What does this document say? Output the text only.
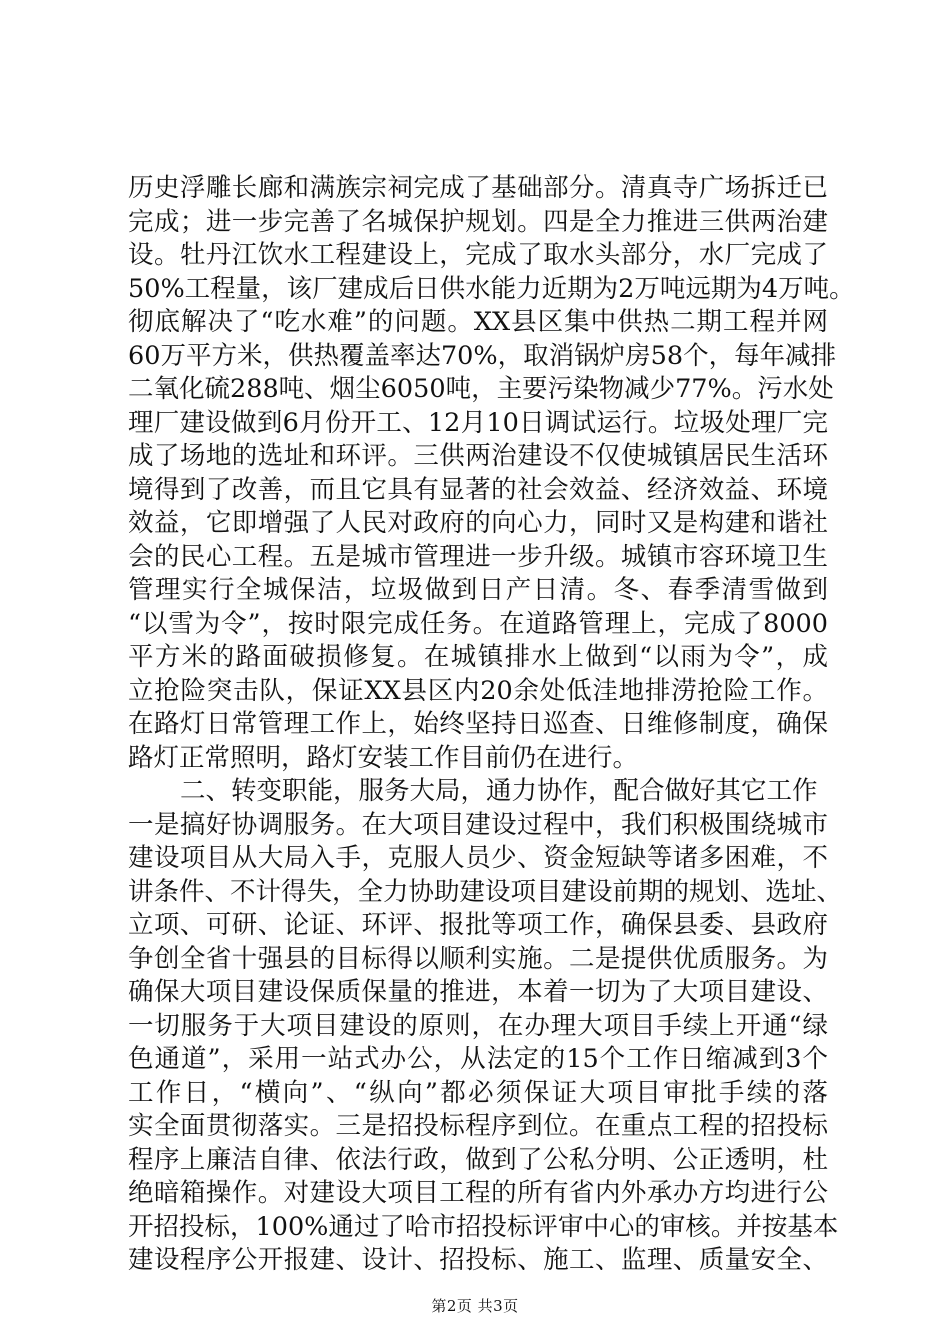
历史浮雕长廊和满族宗祠完成了基础部分。清真寺广场拆迁已
完成；进一步完善了名城保护规划。四是全力推进三供两治建
设。牡丹江饮水工程建设上，完成了取水头部分，水厂完成了
50%工程量，该厂建成后日供水能力近期为2万吨远期为4万吨。
彻底解决了“吃水难”的问题。XX县区集中供热二期工程并网
60万平方米，供热覆盖率达70%，取消锅炉房58个，每年减排
二氧化硫288吨、烟尘6050吨，主要污染物减少77%。污水处
理厂建设做到6月份开工、12月10日调试运行。垃圾处理厂完
成了场地的选址和环评。三供两治建设不仅使城镇居民生活环
境得到了改善，而且它具有显著的社会效益、经济效益、环境
效益，它即增强了人民对政府的向心力，同时又是构建和谐社
会的民心工程。五是城市管理进一步升级。城镇市容环境卫生
管理实行全城保洁，垃圾做到日产日清。冬、春季清雪做到
“以雪为令”，按时限完成任务。在道路管理上，完成了8000
平方米的路面破损修复。在城镇排水上做到“以雨为令”，成
立抢险突击队，保证XX县区内20余处低洼地排涝抢险工作。
在路灯日常管理工作上，始终坚持日巡查、日维修制度，确保
路灯正常照明，路灯安装工作目前仍在进行。
二、转变职能，服务大局，通力协作，配合做好其它工作
一是搞好协调服务。在大项目建设过程中，我们积极围绕城市
建设项目从大局入手，克服人员少、资金短缺等诸多困难，不
讲条件、不计得失，全力协助建设项目建设前期的规划、选址、
立项、可研、论证、环评、报批等项工作，确保县委、县政府
争创全省十强县的目标得以顺利实施。二是提供优质服务。为
确保大项目建设保质保量的推进，本着一切为了大项目建设、
一切服务于大项目建设的原则，在办理大项目手续上开通“绿
色通道”，采用一站式办公，从法定的15个工作日缩减到3个
工作日，“横向”、“纵向”都必须保证大项目审批手续的落
实全面贯彻落实。三是招投标程序到位。在重点工程的招投标
程序上廉洁自律、依法行政，做到了公私分明、公正透明，杜
绝暗箱操作。对建设大项目工程的所有省内外承办方均进行公
开招投标，100%通过了哈市招投标评审中心的审核。并按基本
建设程序公开报建、设计、招投标、施工、监理、质量安全、
第2页 共3页
